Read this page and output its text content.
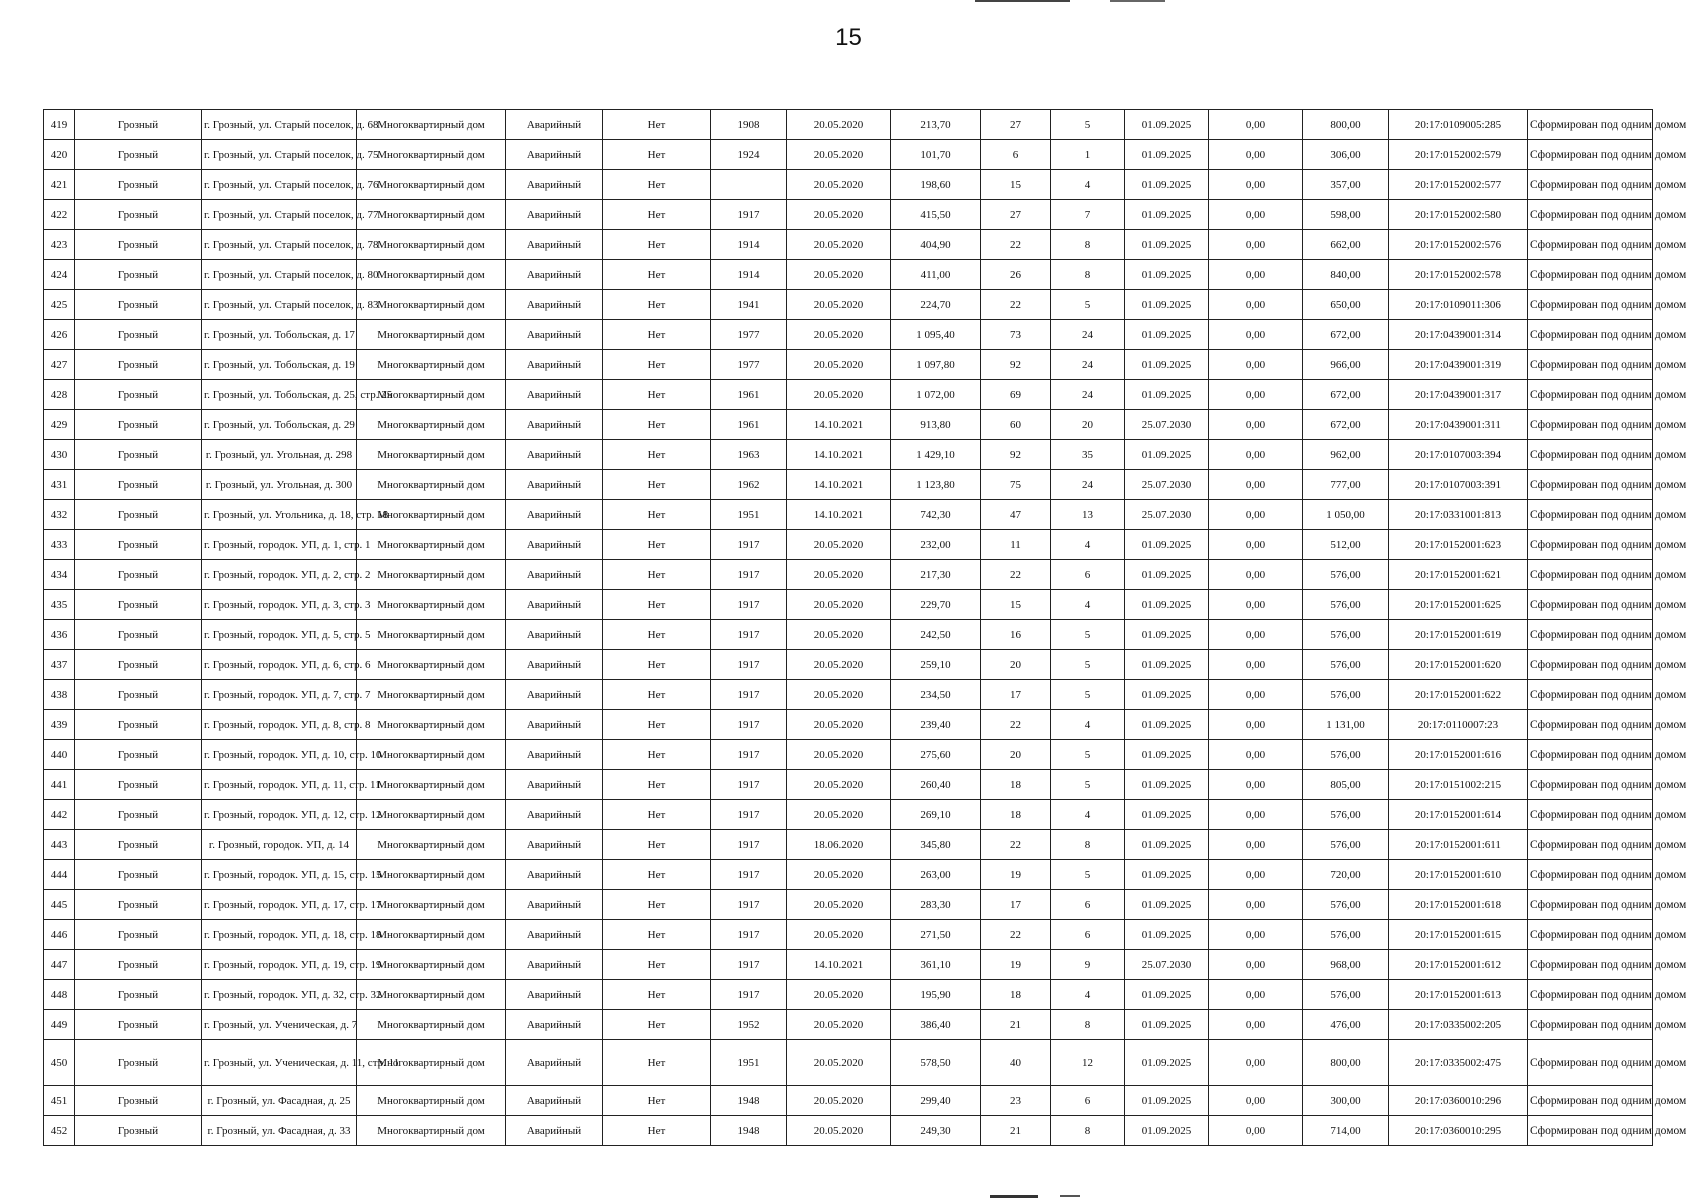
15
419	Грозный	г. Грозный, ул. Старый поселок, д. 68	Многоквартирный дом	Аварийный	Нет	1908	20.05.2020	213,70	27	5	01.09.2025	0,00	800,00	20:17:0109005:285	Сформирован под одним домом
420	Грозный	г. Грозный, ул. Старый поселок, д. 75	Многоквартирный дом	Аварийный	Нет	1924	20.05.2020	101,70	6	1	01.09.2025	0,00	306,00	20:17:0152002:579	Сформирован под одним домом
421	Грозный	г. Грозный, ул. Старый поселок, д. 76	Многоквартирный дом	Аварийный	Нет		20.05.2020	198,60	15	4	01.09.2025	0,00	357,00	20:17:0152002:577	Сформирован под одним домом
422	Грозный	г. Грозный, ул. Старый поселок, д. 77	Многоквартирный дом	Аварийный	Нет	1917	20.05.2020	415,50	27	7	01.09.2025	0,00	598,00	20:17:0152002:580	Сформирован под одним домом
423	Грозный	г. Грозный, ул. Старый поселок, д. 78	Многоквартирный дом	Аварийный	Нет	1914	20.05.2020	404,90	22	8	01.09.2025	0,00	662,00	20:17:0152002:576	Сформирован под одним домом
424	Грозный	г. Грозный, ул. Старый поселок, д. 80	Многоквартирный дом	Аварийный	Нет	1914	20.05.2020	411,00	26	8	01.09.2025	0,00	840,00	20:17:0152002:578	Сформирован под одним домом
425	Грозный	г. Грозный, ул. Старый поселок, д. 83	Многоквартирный дом	Аварийный	Нет	1941	20.05.2020	224,70	22	5	01.09.2025	0,00	650,00	20:17:0109011:306	Сформирован под одним домом
426	Грозный	г. Грозный, ул. Тобольская, д. 17	Многоквартирный дом	Аварийный	Нет	1977	20.05.2020	1 095,40	73	24	01.09.2025	0,00	672,00	20:17:0439001:314	Сформирован под одним домом
427	Грозный	г. Грозный, ул. Тобольская, д. 19	Многоквартирный дом	Аварийный	Нет	1977	20.05.2020	1 097,80	92	24	01.09.2025	0,00	966,00	20:17:0439001:319	Сформирован под одним домом
428	Грозный	г. Грозный, ул. Тобольская, д. 25, стр. 25	Многоквартирный дом	Аварийный	Нет	1961	20.05.2020	1 072,00	69	24	01.09.2025	0,00	672,00	20:17:0439001:317	Сформирован под одним домом
429	Грозный	г. Грозный, ул. Тобольская, д. 29	Многоквартирный дом	Аварийный	Нет	1961	14.10.2021	913,80	60	20	25.07.2030	0,00	672,00	20:17:0439001:311	Сформирован под одним домом
430	Грозный	г. Грозный, ул. Угольная, д. 298	Многоквартирный дом	Аварийный	Нет	1963	14.10.2021	1 429,10	92	35	01.09.2025	0,00	962,00	20:17:0107003:394	Сформирован под одним домом
431	Грозный	г. Грозный, ул. Угольная, д. 300	Многоквартирный дом	Аварийный	Нет	1962	14.10.2021	1 123,80	75	24	25.07.2030	0,00	777,00	20:17:0107003:391	Сформирован под одним домом
432	Грозный	г. Грозный, ул. Угольника, д. 18, стр. 18	Многоквартирный дом	Аварийный	Нет	1951	14.10.2021	742,30	47	13	25.07.2030	0,00	1 050,00	20:17:0331001:813	Сформирован под одним домом
433	Грозный	г. Грозный, городок. УП, д. 1, стр. 1	Многоквартирный дом	Аварийный	Нет	1917	20.05.2020	232,00	11	4	01.09.2025	0,00	512,00	20:17:0152001:623	Сформирован под одним домом
434	Грозный	г. Грозный, городок. УП, д. 2, стр. 2	Многоквартирный дом	Аварийный	Нет	1917	20.05.2020	217,30	22	6	01.09.2025	0,00	576,00	20:17:0152001:621	Сформирован под одним домом
435	Грозный	г. Грозный, городок. УП, д. 3, стр. 3	Многоквартирный дом	Аварийный	Нет	1917	20.05.2020	229,70	15	4	01.09.2025	0,00	576,00	20:17:0152001:625	Сформирован под одним домом
436	Грозный	г. Грозный, городок. УП, д. 5, стр. 5	Многоквартирный дом	Аварийный	Нет	1917	20.05.2020	242,50	16	5	01.09.2025	0,00	576,00	20:17:0152001:619	Сформирован под одним домом
437	Грозный	г. Грозный, городок. УП, д. 6, стр. 6	Многоквартирный дом	Аварийный	Нет	1917	20.05.2020	259,10	20	5	01.09.2025	0,00	576,00	20:17:0152001:620	Сформирован под одним домом
438	Грозный	г. Грозный, городок. УП, д. 7, стр. 7	Многоквартирный дом	Аварийный	Нет	1917	20.05.2020	234,50	17	5	01.09.2025	0,00	576,00	20:17:0152001:622	Сформирован под одним домом
439	Грозный	г. Грозный, городок. УП, д. 8, стр. 8	Многоквартирный дом	Аварийный	Нет	1917	20.05.2020	239,40	22	4	01.09.2025	0,00	1 131,00	20:17:0110007:23	Сформирован под одним домом
440	Грозный	г. Грозный, городок. УП, д. 10, стр. 10	Многоквартирный дом	Аварийный	Нет	1917	20.05.2020	275,60	20	5	01.09.2025	0,00	576,00	20:17:0152001:616	Сформирован под одним домом
441	Грозный	г. Грозный, городок. УП, д. 11, стр. 11	Многоквартирный дом	Аварийный	Нет	1917	20.05.2020	260,40	18	5	01.09.2025	0,00	805,00	20:17:0151002:215	Сформирован под одним домом
442	Грозный	г. Грозный, городок. УП, д. 12, стр. 12	Многоквартирный дом	Аварийный	Нет	1917	20.05.2020	269,10	18	4	01.09.2025	0,00	576,00	20:17:0152001:614	Сформирован под одним домом
443	Грозный	г. Грозный, городок. УП, д. 14	Многоквартирный дом	Аварийный	Нет	1917	18.06.2020	345,80	22	8	01.09.2025	0,00	576,00	20:17:0152001:611	Сформирован под одним домом
444	Грозный	г. Грозный, городок. УП, д. 15, стр. 15	Многоквартирный дом	Аварийный	Нет	1917	20.05.2020	263,00	19	5	01.09.2025	0,00	720,00	20:17:0152001:610	Сформирован под одним домом
445	Грозный	г. Грозный, городок. УП, д. 17, стр. 17	Многоквартирный дом	Аварийный	Нет	1917	20.05.2020	283,30	17	6	01.09.2025	0,00	576,00	20:17:0152001:618	Сформирован под одним домом
446	Грозный	г. Грозный, городок. УП, д. 18, стр. 18	Многоквартирный дом	Аварийный	Нет	1917	20.05.2020	271,50	22	6	01.09.2025	0,00	576,00	20:17:0152001:615	Сформирован под одним домом
447	Грозный	г. Грозный, городок. УП, д. 19, стр. 19	Многоквартирный дом	Аварийный	Нет	1917	14.10.2021	361,10	19	9	25.07.2030	0,00	968,00	20:17:0152001:612	Сформирован под одним домом
448	Грозный	г. Грозный, городок. УП, д. 32, стр. 32	Многоквартирный дом	Аварийный	Нет	1917	20.05.2020	195,90	18	4	01.09.2025	0,00	576,00	20:17:0152001:613	Сформирован под одним домом
449	Грозный	г. Грозный, ул. Ученическая, д. 7	Многоквартирный дом	Аварийный	Нет	1952	20.05.2020	386,40	21	8	01.09.2025	0,00	476,00	20:17:0335002:205	Сформирован под одним домом
450	Грозный	г. Грозный, ул. Ученическая, д. 11, стр. 11	Многоквартирный дом	Аварийный	Нет	1951	20.05.2020	578,50	40	12	01.09.2025	0,00	800,00	20:17:0335002:475	Сформирован под одним домом
451	Грозный	г. Грозный, ул. Фасадная, д. 25	Многоквартирный дом	Аварийный	Нет	1948	20.05.2020	299,40	23	6	01.09.2025	0,00	300,00	20:17:0360010:296	Сформирован под одним домом
452	Грозный	г. Грозный, ул. Фасадная, д. 33	Многоквартирный дом	Аварийный	Нет	1948	20.05.2020	249,30	21	8	01.09.2025	0,00	714,00	20:17:0360010:295	Сформирован под одним домом
